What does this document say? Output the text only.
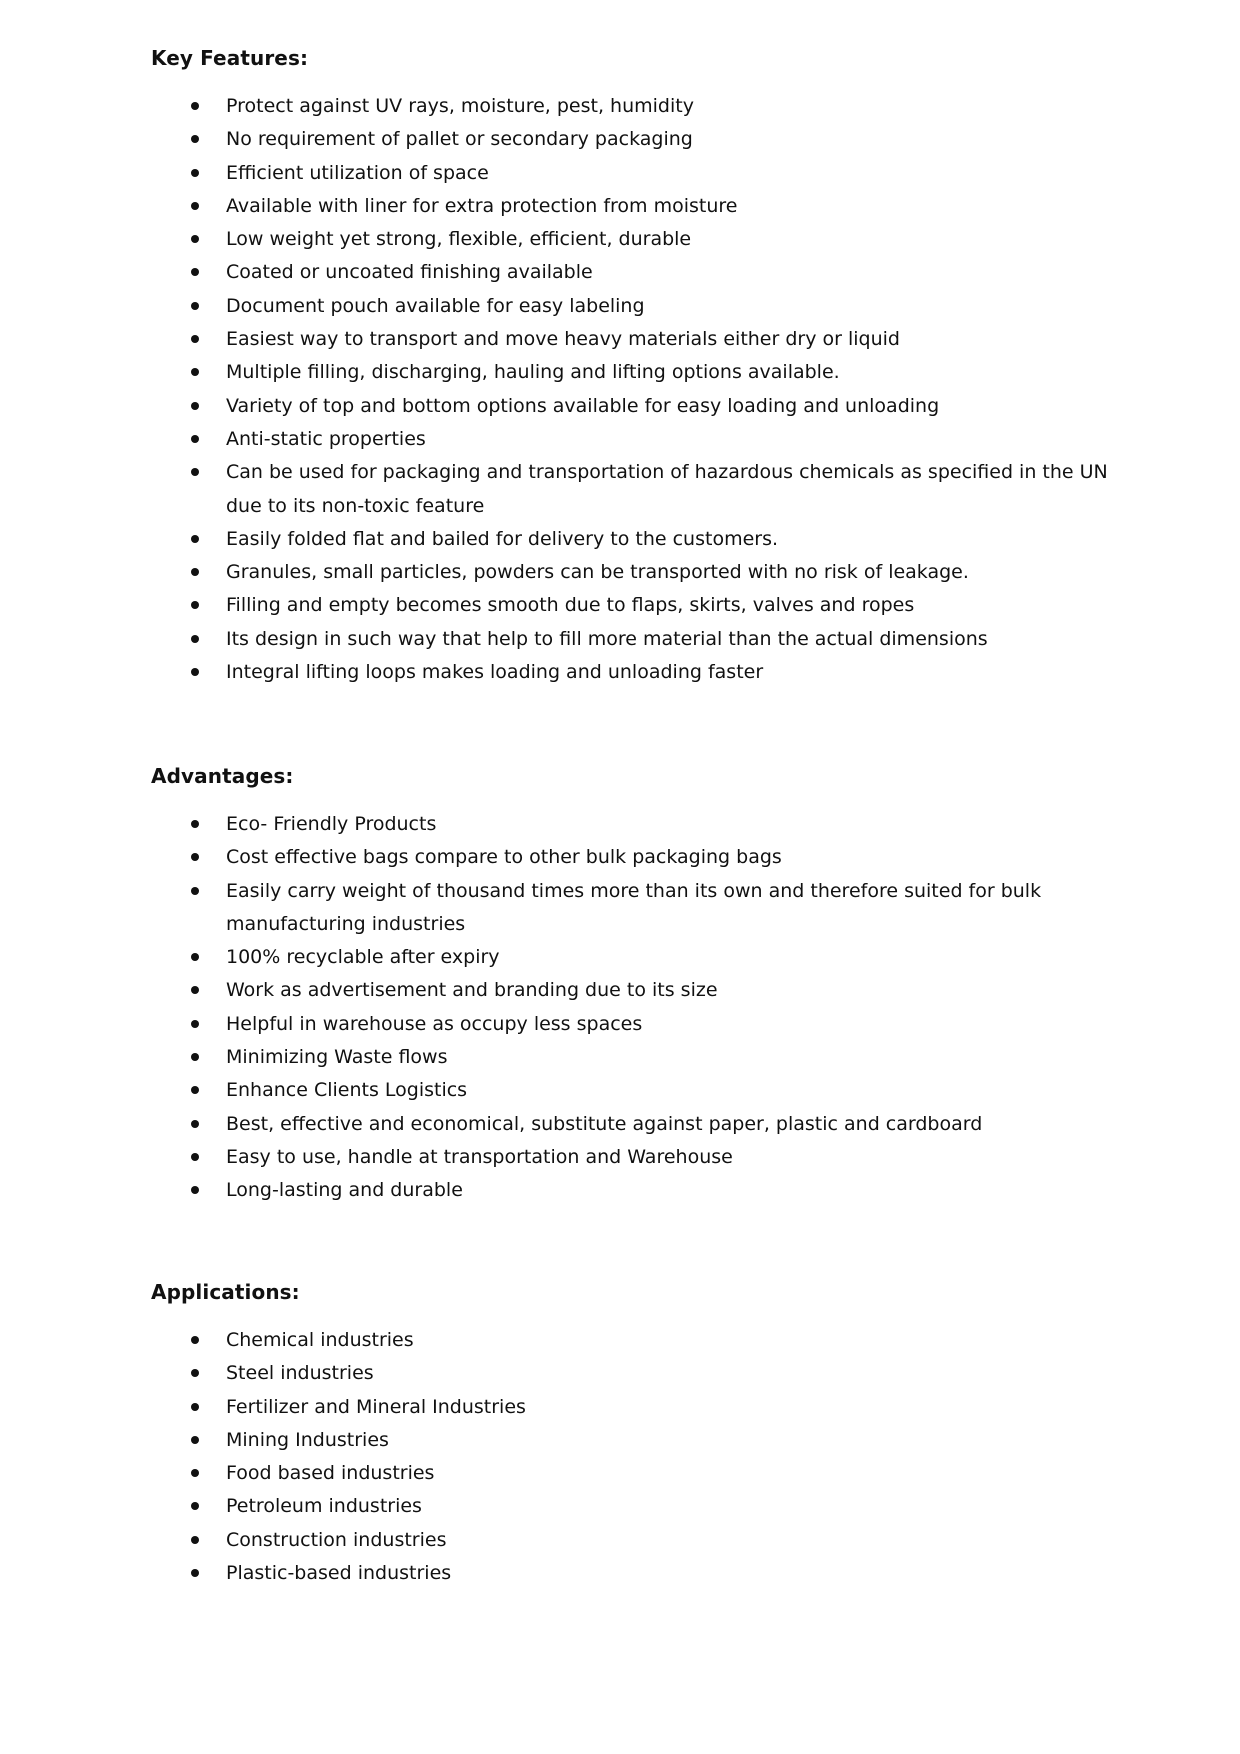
Key Features:
Protect against UV rays, moisture, pest, humidity
No requirement of pallet or secondary packaging
Efficient utilization of space
Available with liner for extra protection from moisture
Low weight yet strong, flexible, efficient, durable
Coated or uncoated finishing available
Document pouch available for easy labeling
Easiest way to transport and move heavy materials either dry or liquid
Multiple filling, discharging, hauling and lifting options available.
Variety of top and bottom options available for easy loading and unloading
Anti-static properties
Can be used for packaging and transportation of hazardous chemicals as specified in the UN due to its non-toxic feature
Easily folded flat and bailed for delivery to the customers.
Granules, small particles, powders can be transported with no risk of leakage.
Filling and empty becomes smooth due to flaps, skirts, valves and ropes
Its design in such way that help to fill more material than the actual dimensions
Integral lifting loops makes loading and unloading faster
Advantages:
Eco- Friendly Products
Cost effective bags compare to other bulk packaging bags
Easily carry weight of thousand times more than its own and therefore suited for bulk manufacturing industries
100% recyclable after expiry
Work as advertisement and branding due to its size
Helpful in warehouse as occupy less spaces
Minimizing Waste flows
Enhance Clients Logistics
Best, effective and economical, substitute against paper, plastic and cardboard
Easy to use, handle at transportation and Warehouse
Long-lasting and durable
Applications:
Chemical industries
Steel industries
Fertilizer and Mineral Industries
Mining Industries
Food based industries
Petroleum industries
Construction industries
Plastic-based industries
